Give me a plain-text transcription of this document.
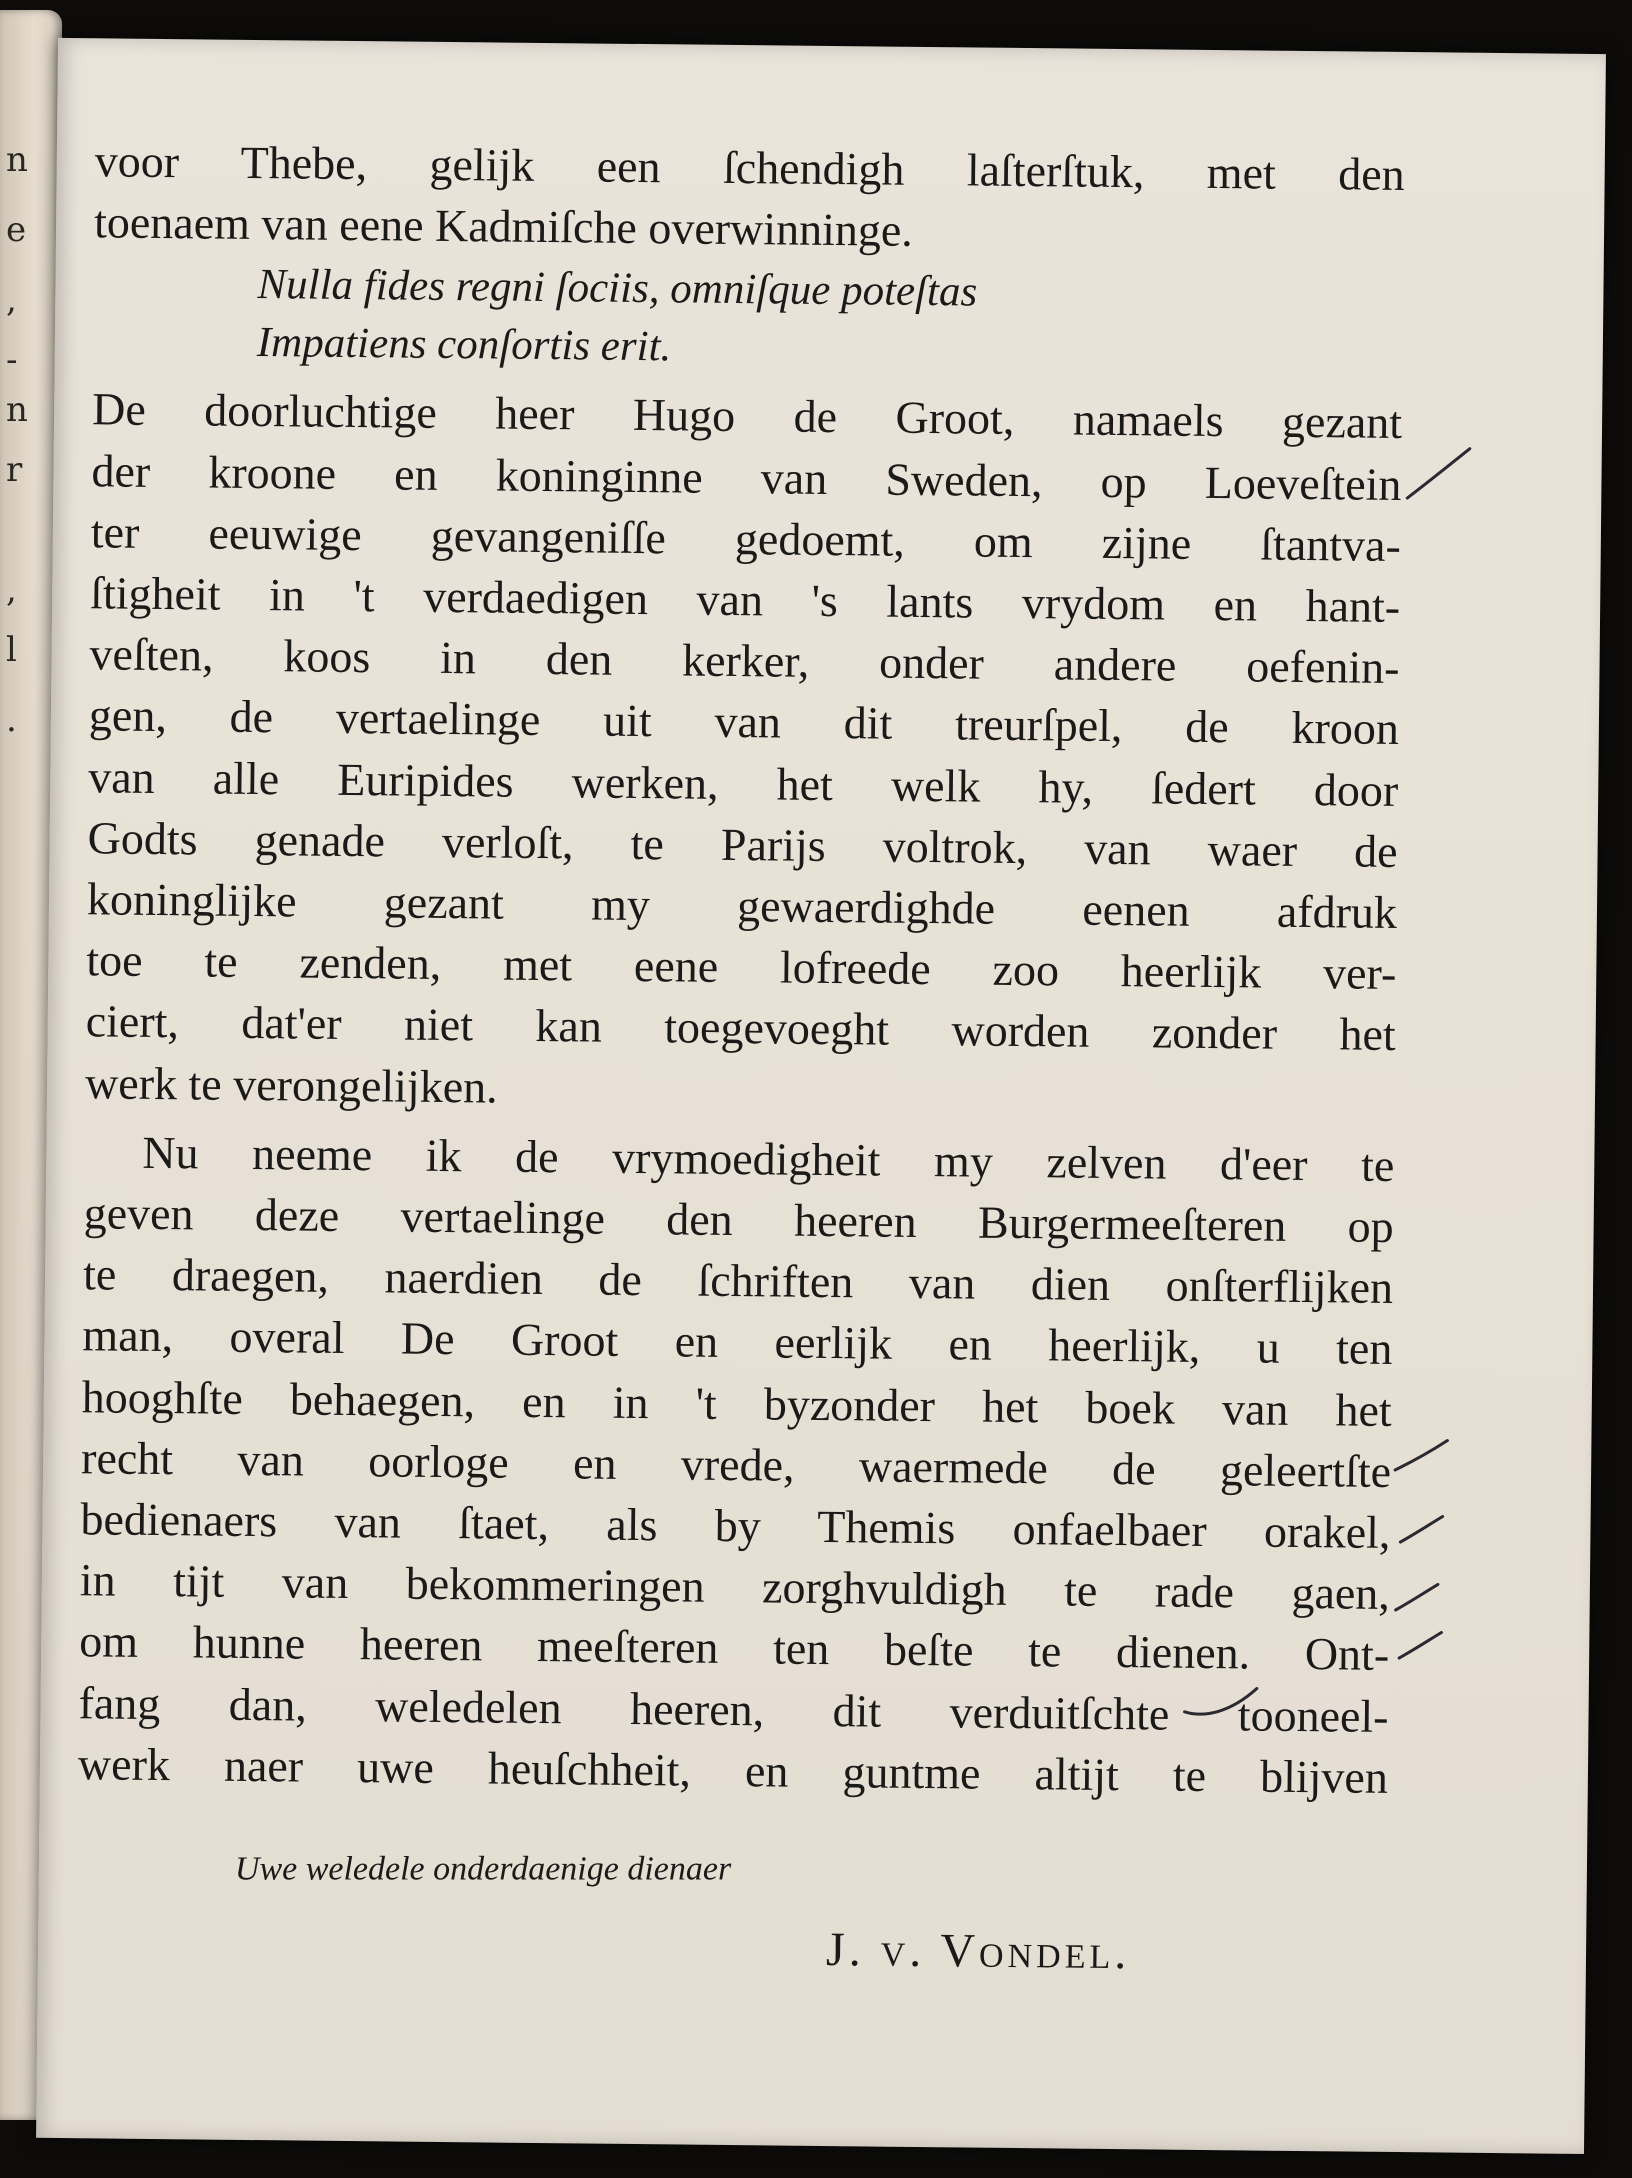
n
e
,
-
n
r
,
l
.
voor Thebe, gelijk een ſchendigh laſterſtuk, met den
toenaem van eene Kadmiſche overwinninge.
Nulla fides regni ſociis, omniſque poteſtas
Impatiens conſortis erit.
De doorluchtige heer Hugo de Groot, namaels gezant
der kroone en koninginne van Sweden, op Loeveſtein
ter eeuwige gevangeniſſe gedoemt, om zijne ſtantva-
ſtigheit in 't verdaedigen van 's lants vrydom en hant-
veſten, koos in den kerker, onder andere oefenin-
gen, de vertaelinge uit van dit treurſpel, de kroon
van alle Euripides werken, het welk hy, ſedert door
Godts genade verloſt, te Parijs voltrok, van waer de
koninglijke gezant my gewaerdighde eenen afdruk
toe te zenden, met eene lofreede zoo heerlijk ver-
ciert, dat'er niet kan toegevoeght worden zonder het
werk te verongelijken.
Nu neeme ik de vrymoedigheit my zelven d'eer te
geven deze vertaelinge den heeren Burgermeeſteren op
te draegen, naerdien de ſchriften van dien onſterflijken
man, overal De Groot en eerlijk en heerlijk, u ten
hooghſte behaegen, en in 't byzonder het boek van het
recht van oorloge en vrede, waermede de geleertſte
bedienaers van ſtaet, als by Themis onfaelbaer orakel,
in tijt van bekommeringen zorghvuldigh te rade gaen,
om hunne heeren meeſteren ten beſte te dienen. Ont-
fang dan, weledelen heeren, dit verduitſchte tooneel-
werk naer uwe heuſchheit, en guntme altijt te blijven
Uwe weledele onderdaenige dienaer
J. v. Vondel.
